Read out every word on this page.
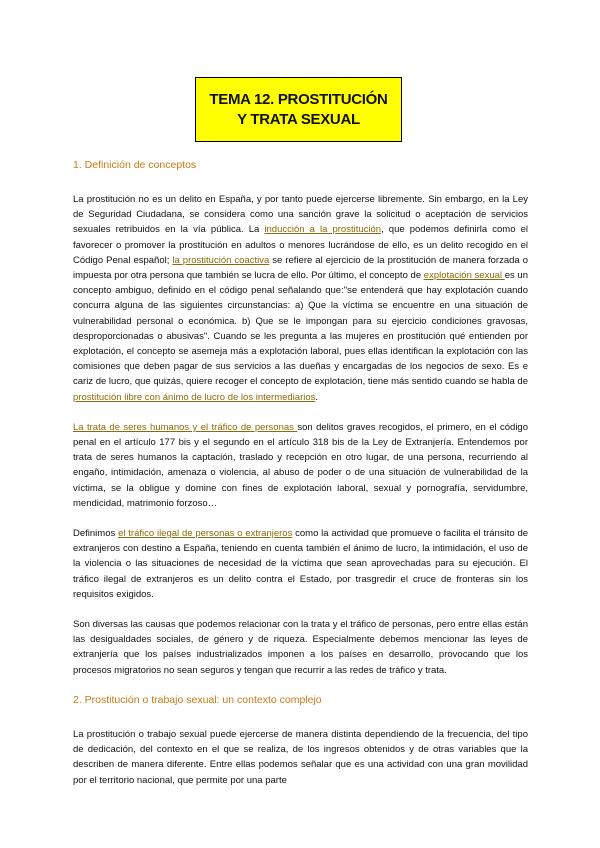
TEMA 12. PROSTITUCIÓN
Y TRATA SEXUAL
1. Definición de conceptos

La prostitución no es un delito en España, y por tanto puede ejercerse libremente. Sin embargo, en la Ley de Seguridad Ciudadana, se considera como una sanción grave la solicitud o aceptación de servicios sexuales retribuidos en la vía pública. La inducción a la prostitución, que podemos definirla como el favorecer o promover la prostitución en adultos o menores lucrándose de ello, es un delito recogido en el Código Penal español; la prostitución coactiva se refiere al ejercicio de la prostitución de manera forzada o impuesta por otra persona que también se lucra de ello. Por último, el concepto de explotación sexual es un concepto ambiguo, definido en el código penal señalando que:"se entenderá que hay explotación cuando concurra alguna de las siguientes circunstancias: a) Que la víctima se encuentre en una situación de vulnerabilidad personal o económica. b) Que se le impongan para su ejercicio condiciones gravosas, desproporcionadas o abusivas". Cuando se les pregunta a las mujeres en prostitución qué entienden por explotación, el concepto se asemeja más a explotación laboral, pues ellas identifican la explotación con las comisiones que deben pagar de sus servicios a las dueñas y encargadas de los negocios de sexo. Es e cariz de lucro, que quizás, quiere recoger el concepto de explotación, tiene más sentido cuando se habla de prostitución libre con ánimo de lucro de los intermediarios.

La trata de seres humanos y el tráfico de personas son delitos graves recogidos, el primero, en el código penal en el artículo 177 bis y el segundo en el artículo 318 bis de la Ley de Extranjería. Entendemos por trata de seres humanos la captación, traslado y recepción en otro lugar, de una persona, recurriendo al engaño, intimidación, amenaza o violencia, al abuso de poder o de una situación de vulnerabilidad de la víctima, se la obligue y domine con fines de explotación laboral, sexual y pornografía, servidumbre, mendicidad, matrimonio forzoso…

Definimos el tráfico ilegal de personas o extranjeros como la actividad que promueve o facilita el tránsito de extranjeros con destino a España, teniendo en cuenta también el ánimo de lucro, la intimidación, el uso de la violencia o las situaciones de necesidad de la víctima que sean aprovechadas para su ejecución. El tráfico ilegal de extranjeros es un delito contra el Estado, por trasgredir el cruce de fronteras sin los requisitos exigidos.

Son diversas las causas que podemos relacionar con la trata y el tráfico de personas, pero entre ellas están las desigualdades sociales, de género y de riqueza. Especialmente debemos mencionar las leyes de extranjería que los países industrializados imponen a los países en desarrollo, provocando que los procesos migratorios no sean seguros y tengan que recurrir a las redes de tráfico y trata.

2. Prostitución o trabajo sexual: un contexto complejo

La prostitución o trabajo sexual puede ejercerse de manera distinta dependiendo de la frecuencia, del tipo de dedicación, del contexto en el que se realiza, de los ingresos obtenidos y de otras variables que la describen de manera diferente. Entre ellas podemos señalar que es una actividad con una gran movilidad por el territorio nacional, que permite por una parte
